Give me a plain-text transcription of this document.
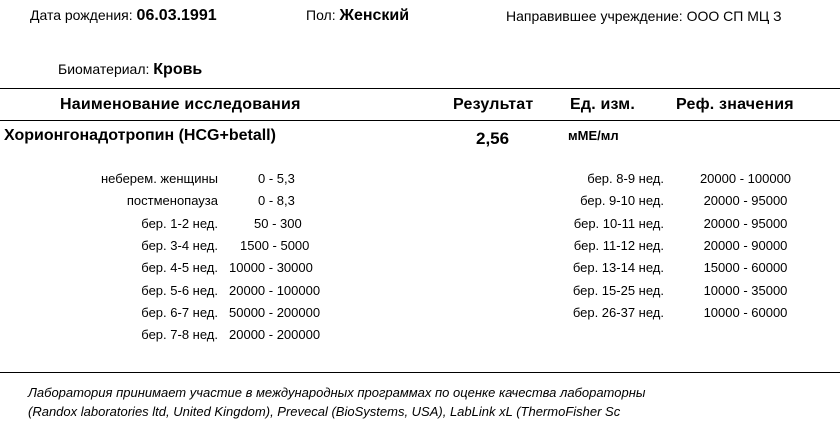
Дата рождения: 06.03.1991	Пол: Женский	Направившее учреждение: ООО СП МЦ З
Биоматериал: Кровь
Наименование исследования	Результат Ед. изм.	Реф. значения
Хорионгонадотропин (HCG+betall)	2,56	мМЕ/мл
неберем. женщины	0 - 5,3
постменопауза	0 - 8,3
бер. 1-2 нед.	50 - 300
бер. 3-4 нед. 1500 - 5000
бер. 4-5 нед. 10000 - 30000
бер. 5-6 нед. 20000 - 100000
бер. 6-7 нед. 50000 - 200000
бер. 7-8 нед. 20000 - 200000
бер. 8-9 нед.	20000 - 100000
бер. 9-10 нед.	20000 - 95000
бер. 10-11 нед.	20000 - 95000
бер. 11-12 нед.	20000 - 90000
бер. 13-14 нед.	15000 - 60000
бер. 15-25 нед.	10000 - 35000
бер. 26-37 нед.	10000 - 60000
Лаборатория принимает участие в международных программах по оценке качества лабораторны
(Randox laboratories ltd, United Kingdom), Prevecal (BioSystems, USA), LabLink xL (ThermoFisher Sc
